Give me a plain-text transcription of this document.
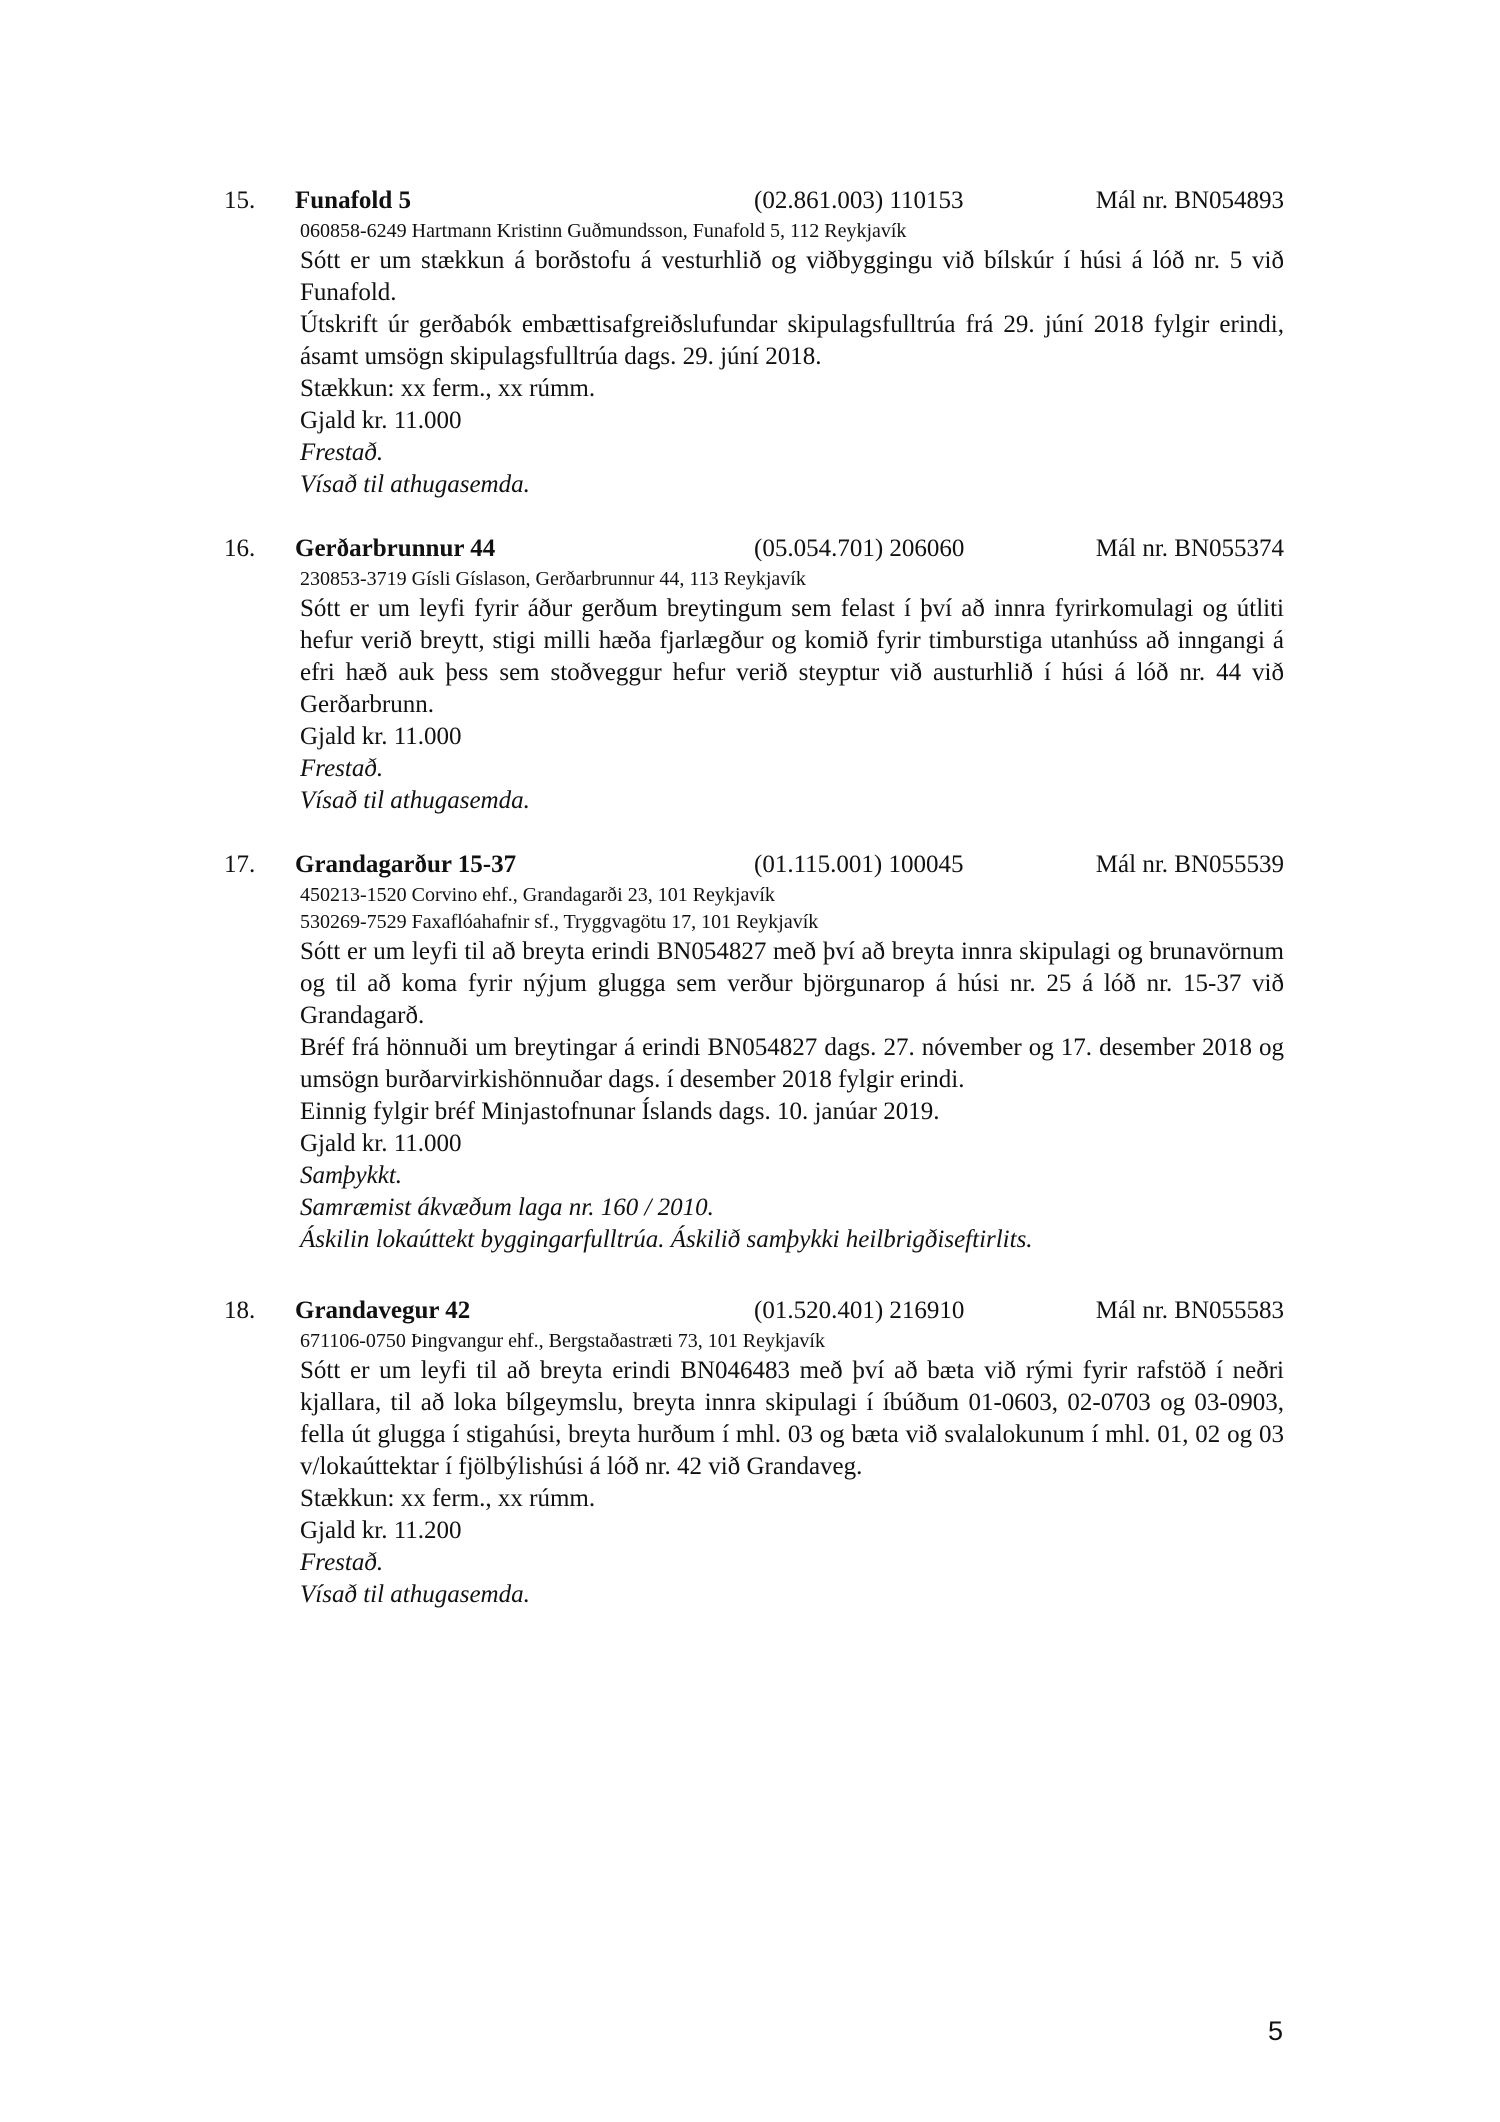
15. Funafold 5	(02.861.003) 110153	Mál nr. BN054893
060858-6249 Hartmann Kristinn Guðmundsson, Funafold 5, 112 Reykjavík

Sótt er um stækkun á borðstofu á vesturhlið og viðbyggingu við bílskúr í húsi á lóð nr. 5 við Funafold.

Útskrift úr gerðabók embættisafgreiðslufundar skipulagsfulltrúa frá 29. júní 2018 fylgir erindi, ásamt umsögn skipulagsfulltrúa dags. 29. júní 2018.

Stækkun: xx ferm., xx rúmm.
Gjald kr. 11.000
Frestað.
Vísað til athugasemda.
16. Gerðarbrunnur 44	(05.054.701) 206060	Mál nr. BN055374
230853-3719 Gísli Gíslason, Gerðarbrunnur 44, 113 Reykjavík

Sótt er um leyfi fyrir áður gerðum breytingum sem felast í því að innra fyrirkomulagi og útliti hefur verið breytt, stigi milli hæða fjarlægður og komið fyrir timburstiga utanhúss að inngangi á efri hæð auk þess sem stoðveggur hefur verið steyptur við austurhlið í húsi á lóð nr. 44 við Gerðarbrunn.

Gjald kr. 11.000
Frestað.
Vísað til athugasemda.
17. Grandagarður 15-37	(01.115.001) 100045	Mál nr. BN055539
450213-1520 Corvino ehf., Grandagarði 23, 101 Reykjavík
530269-7529 Faxaflóahafnir sf., Tryggvagötu 17, 101 Reykjavík

Sótt er um leyfi til að breyta erindi BN054827 með því að breyta innra skipulagi og brunavörnum og til að koma fyrir nýjum glugga sem verður björgunarop á húsi nr. 25 á lóð nr. 15-37 við Grandagarð.

Bréf frá hönnuði um breytingar á erindi BN054827 dags. 27. nóvember og 17. desember 2018 og umsögn burðarvirkishönnuðar dags. í desember 2018 fylgir erindi.

Einnig fylgir bréf Minjastofnunar Íslands dags. 10. janúar 2019.

Gjald kr. 11.000
Samþykkt.
Samræmist ákvæðum laga nr. 160 / 2010.
Áskilin lokaúttekt byggingarfulltrúa. Áskilið samþykki heilbrigðiseftirlits.
18. Grandavegur 42	(01.520.401) 216910	Mál nr. BN055583
671106-0750 Þingvangur ehf., Bergstaðastræti 73, 101 Reykjavík

Sótt er um leyfi til að breyta erindi BN046483 með því að bæta við rými fyrir rafstöð í neðri kjallara, til að loka bílgeymslu, breyta innra skipulagi í íbúðum 01-0603, 02-0703 og 03-0903, fella út glugga í stigahúsi, breyta hurðum í mhl. 03 og bæta við svalalokunum í mhl. 01, 02 og 03 v/lokaúttektar í fjölbýlishúsi á lóð nr. 42 við Grandaveg.

Stækkun: xx ferm., xx rúmm.
Gjald kr. 11.200
Frestað.
Vísað til athugasemda.
5
